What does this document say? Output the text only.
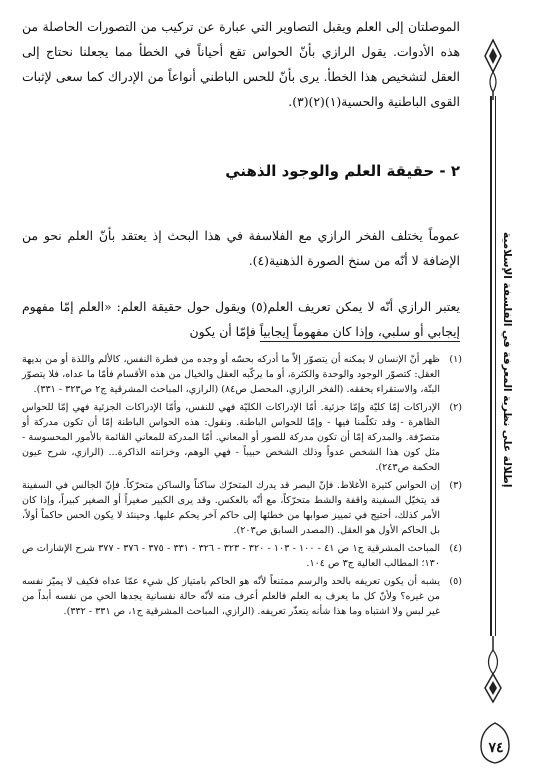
الموصلتان إلى العلم ويقبل التصاوير التي عبارة عن تركيب من التصورات الحاصلة من هذه الأدوات. يقول الرازي بأنّ الحواس تقع أحياناً في الخطأ مما يجعلنا نحتاج إلى العقل لتشخيص هذا الخطأ. يرى بأنّ للحس الباطني أنواعاً من الإدراك كما سعى لإثبات القوى الباطنية والحسية(١)(٢)(٣).

٢ - حقيقة العلم والوجود الذهني

عموماً يختلف الفخر الرازي مع الفلاسفة في هذا البحث إذ يعتقد بأنّ العلم نحو من الإضافة لا أنّه من سنخ الصورة الذهنية(٤).

يعتبر الرازي أنّه لا يمكن تعريف العلم(٥) ويقول حول حقيقة العلم: «العلم إمّا مفهوم إيجابي أو سلبي، وإذا كان مفهوماً إيجابياً فإمّا أن يكون

(١)
ظهر أنّ الإنسان لا يمكنه أن يتصوّر إلاّ ما أدركه بحسّه أو وجده من فطرة النفس، كالألم واللذة أو من بديهة العقل: كتصوّر الوجود والوحدة والكثرة، أو ما يركّبه العقل والخيال من هذه الأقسام فأمّا ما عداه، فلا يتصوّر البتّة، والاستقراء يحققه. (الفخر الرازي، المحصل ص٨٤) (الرازي، المباحث المشرقية ج٢ ص٣٢٣ - ٣٣١).
(٢)
الإدراكات إمّا كليّة وإمّا جزئية. أمّا الإدراكات الكليّة فهي للنفس، وأمّا الإدراكات الجزئية فهي إمّا للحواس الظاهرة - وقد تكلّمنا فيها - وإمّا للحواس الباطنة. ونقول: هذه الحواس الباطنة إمّا أن تكون مدركة أو متصرّفة. والمدركة إمّا أن تكون مدركة للصور أو المعاني. أمّا المدركة للمعاني القائمة بالأمور المحسوسة - مثل كون هذا الشخص عدواً وذلك الشخص حبيباً - فهي الوهم، وخزانته الذاكرة... (الرازي، شرح عيون الحكمة ص٢٤٣).
(٣)
إن الحواس كثيرة الأغلاط. فإنّ البصر قد يدرك المتحرّك ساكناً والساكن متحرّكاً. فإنّ الجالس في السفينة قد يتخيّل السفينة واقفة والشط متحرّكاً، مع أنّه بالعكس. وقد يرى الكبير صغيراً أو الصغير كبيراً، وإذا كان الأمر كذلك، أحتيج في تمييز صوابها من خطئها إلى حاكم آخر يحكم عليها. وحينئذ لا يكون الحس حاكماً أولاً، بل الحاكم الأول هو العقل. (المصدر السابق ص٢٠٣).
(٤)
المباحث المشرقية ج١ ص ٤١ - ١٠٠ - ١٠٣ - ٣٢٠ - ٣٢٣ - ٣٢٦ - ٣٣١ - ٣٧٥ - ٣٧٦ - ٣٧٧ شرح الإشارات ص ١٣٠؛ المطالب العالية ج٣ ص ١٠٤.
(٥)
يشبه أن يكون تعريفه بالحد والرسم ممتنعاً لأنّه هو الحاكم بامتياز كل شيء عمّا عداه فكيف لا يميّز نفسه من غيره؟ ولأنّ كل ما يعرف به العلم فالعلم أعرف منه لأنّه حالة نفسانية يجدها الحي من نفسه أبداً من غير لبس ولا اشتباه وما هذا شأنه يتعذّر تعريفه. (الرازي، المباحث المشرقية ج١، ص ٣٣١ - ٣٣٢).
إطلالة على نظرية المعرفة في الفلسفة الإسلامية
٧٤
